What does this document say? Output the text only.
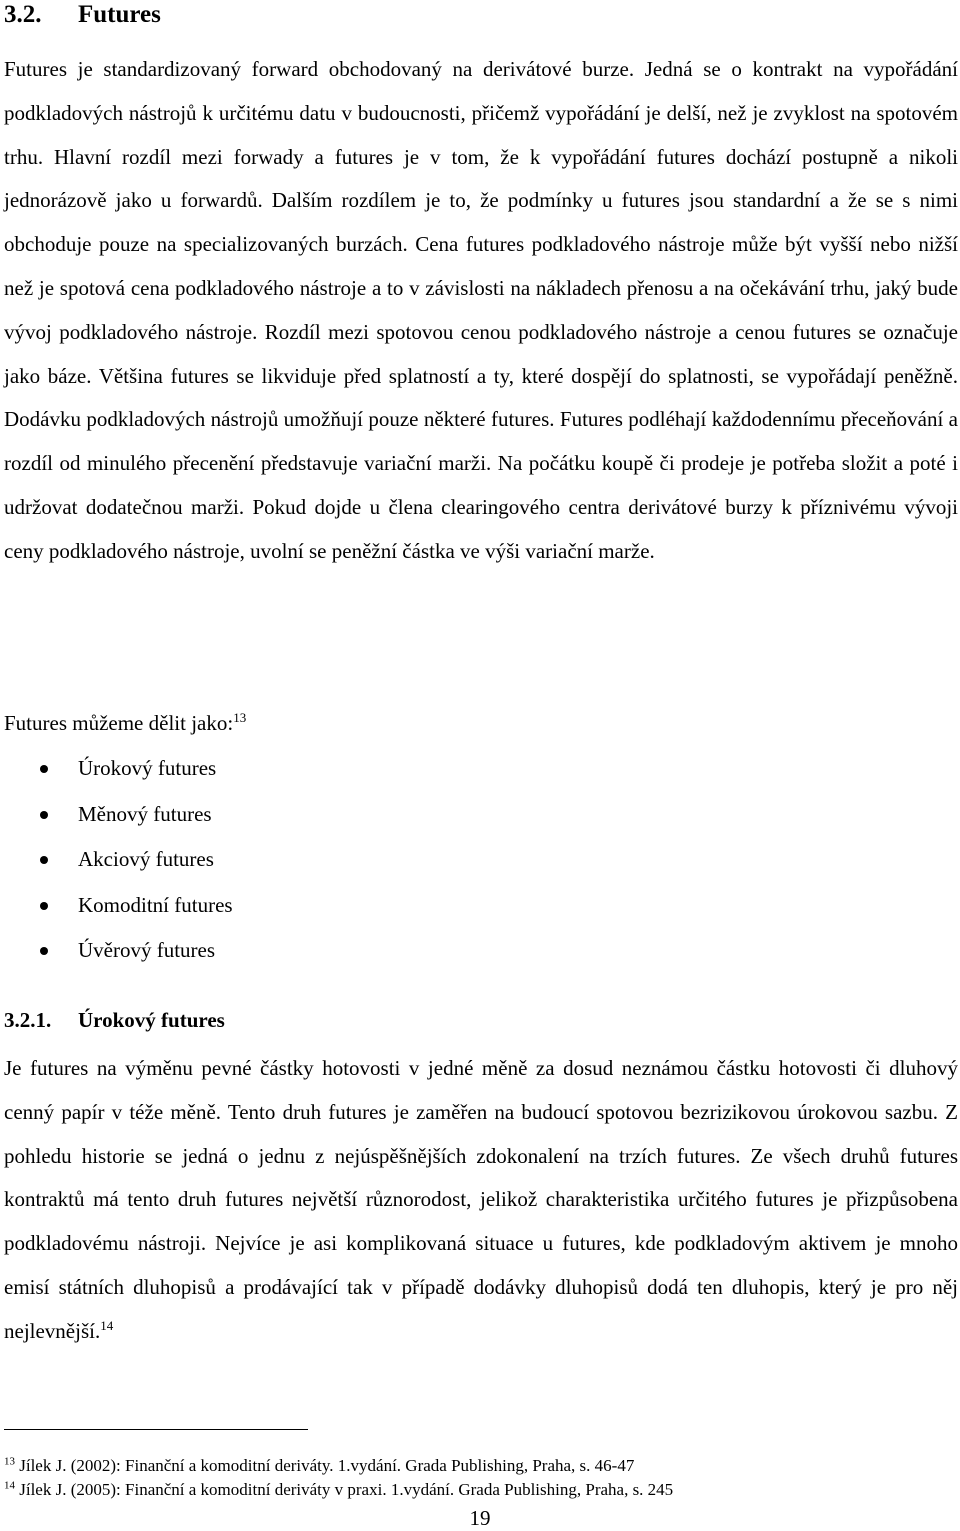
3.2. Futures

Futures je standardizovaný forward obchodovaný na derivátové burze. Jedná se o kontrakt na vypořádání podkladových nástrojů k určitému datu v budoucnosti, přičemž vypořádání je delší, než je zvyklost na spotovém trhu. Hlavní rozdíl mezi forwady a futures je v tom, že k vypořádání futures dochází postupně a nikoli jednorázově jako u forwardů. Dalším rozdílem je to, že podmínky u futures jsou standardní a že se s nimi obchoduje pouze na specializovaných burzách. Cena futures podkladového nástroje může být vyšší nebo nižší než je spotová cena podkladového nástroje a to v závislosti na nákladech přenosu a na očekávání trhu, jaký bude vývoj podkladového nástroje. Rozdíl mezi spotovou cenou podkladového nástroje a cenou futures se označuje jako báze. Většina futures se likviduje před splatností a ty, které dospějí do splatnosti, se vypořádají peněžně. Dodávku podkladových nástrojů umožňují pouze některé futures. Futures podléhají každodennímu přeceňování a rozdíl od minulého přecenění představuje variační marži. Na počátku koupě či prodeje je potřeba složit a poté i udržovat dodatečnou marži. Pokud dojde u člena clearingového centra derivátové burzy k příznivému vývoji ceny podkladového nástroje, uvolní se peněžní částka ve výši variační marže.

Futures můžeme dělit jako:$^{13}$
Úrokový futures
Měnový futures
Akciový futures
Komoditní futures
Úvěrový futures
3.2.1. Úrokový futures

Je futures na výměnu pevné částky hotovosti v jedné měně za dosud neznámou částku hotovosti či dluhový cenný papír v téže měně. Tento druh futures je zaměřen na budoucí spotovou bezrizikovou úrokovou sazbu. Z pohledu historie se jedná o jednu z nejúspěšnějších zdokonalení na trzích futures. Ze všech druhů futures kontraktů má tento druh futures největší různorodost, jelikož charakteristika určitého futures je přizpůsobena podkladovému nástroji. Nejvíce je asi komplikovaná situace u futures, kde podkladovým aktivem je mnoho emisí státních dluhopisů a prodávající tak v případě dodávky dluhopisů dodá ten dluhopis, který je pro něj nejlevnější.$^{14}$

$^{13}$ Jílek J. (2002): Finanční a komoditní deriváty. 1.vydání. Grada Publishing, Praha, s. 46-47
$^{14}$ Jílek J. (2005): Finanční a komoditní deriváty v praxi. 1.vydání. Grada Publishing, Praha, s. 245
19
